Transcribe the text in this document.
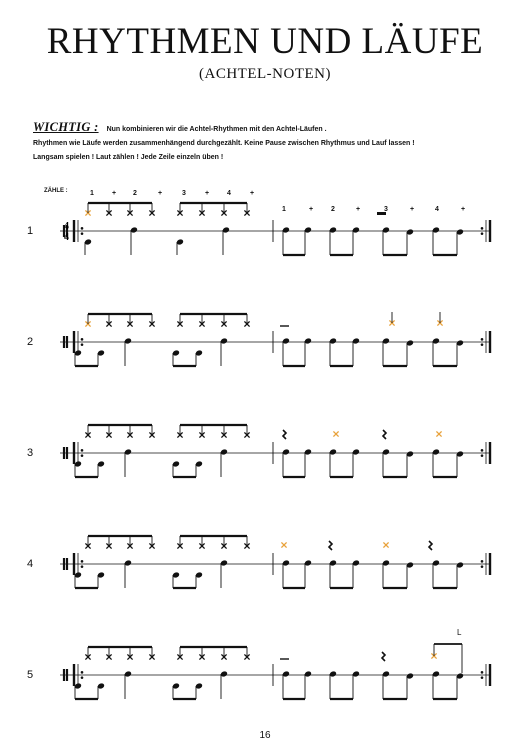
RHYTHMEN UND LÄUFE
(ACHTEL-NOTEN)
WICHTIG : Nun kombinieren wir die Achtel-Rhythmen mit den Achtel-Läufen .
Rhythmen wie Läufe werden zusammenhängend durchgezählt. Keine Pause zwischen Rhythmus und Lauf lassen !
Langsam spielen ! Laut zählen ! Jede Zeile einzeln üben !
ZÄHLE :
4
4
1
1
+
+
2
2
+
+
3
3
+
+
4
4
+
+
1
2
3
4
5
L
16
